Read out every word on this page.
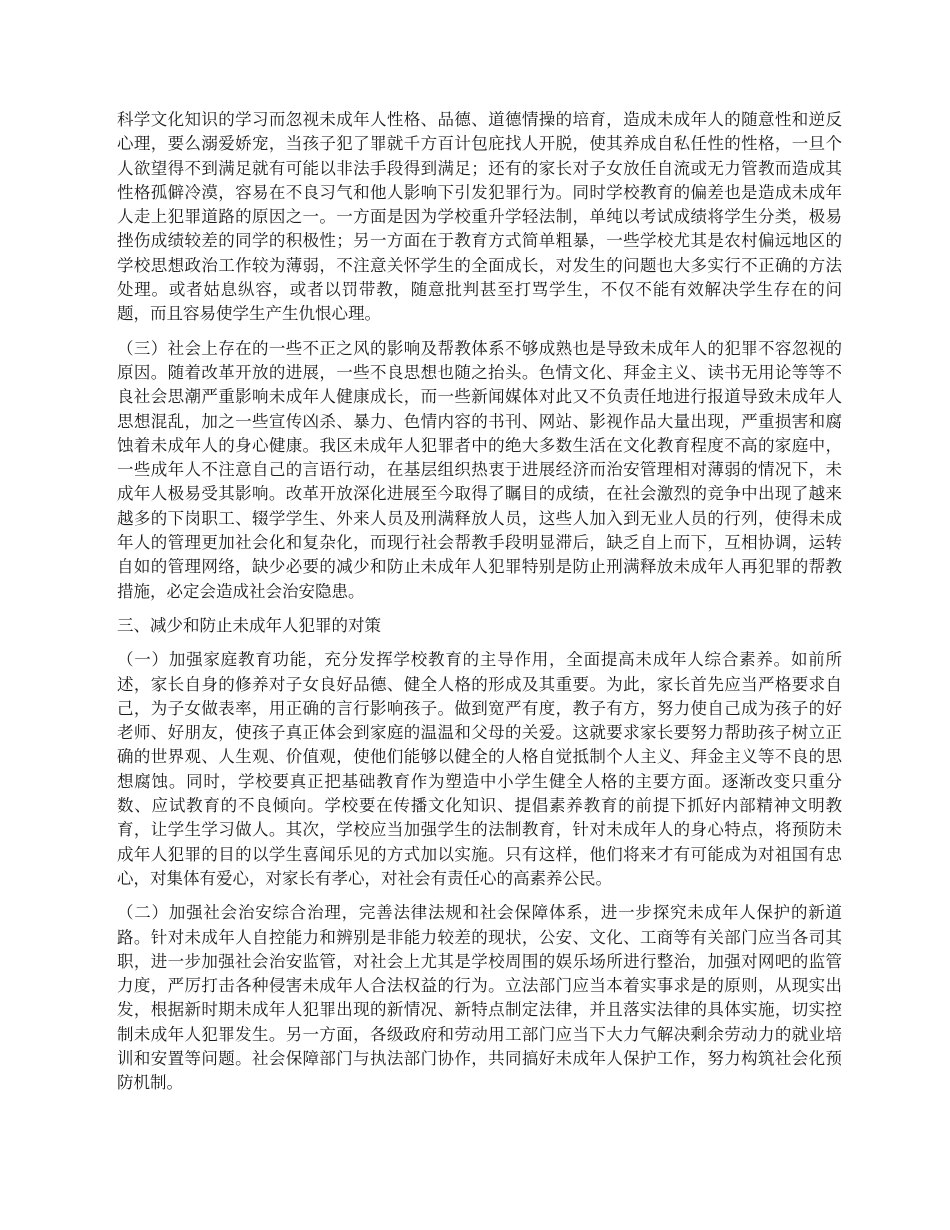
科学文化知识的学习而忽视未成年人性格、品德、道德情操的培育，造成未成年人的随意性和逆反心理，要么溺爱娇宠，当孩子犯了罪就千方百计包庇找人开脱，使其养成自私任性的性格，一旦个人欲望得不到满足就有可能以非法手段得到满足；还有的家长对子女放任自流或无力管教而造成其性格孤僻冷漠，容易在不良习气和他人影响下引发犯罪行为。同时学校教育的偏差也是造成未成年人走上犯罪道路的原因之一。一方面是因为学校重升学轻法制，单纯以考试成绩将学生分类，极易挫伤成绩较差的同学的积极性；另一方面在于教育方式简单粗暴，一些学校尤其是农村偏远地区的学校思想政治工作较为薄弱，不注意关怀学生的全面成长，对发生的问题也大多实行不正确的方法处理。或者姑息纵容，或者以罚带教，随意批判甚至打骂学生，不仅不能有效解决学生存在的问题，而且容易使学生产生仇恨心理。

（三）社会上存在的一些不正之风的影响及帮教体系不够成熟也是导致未成年人的犯罪不容忽视的原因。随着改革开放的进展，一些不良思想也随之抬头。色情文化、拜金主义、读书无用论等等不良社会思潮严重影响未成年人健康成长，而一些新闻媒体对此又不负责任地进行报道导致未成年人思想混乱，加之一些宣传凶杀、暴力、色情内容的书刊、网站、影视作品大量出现，严重损害和腐蚀着未成年人的身心健康。我区未成年人犯罪者中的绝大多数生活在文化教育程度不高的家庭中，一些成年人不注意自己的言语行动，在基层组织热衷于进展经济而治安管理相对薄弱的情况下，未成年人极易受其影响。改革开放深化进展至今取得了瞩目的成绩，在社会激烈的竞争中出现了越来越多的下岗职工、辍学学生、外来人员及刑满释放人员，这些人加入到无业人员的行列，使得未成年人的管理更加社会化和复杂化，而现行社会帮教手段明显滞后，缺乏自上而下，互相协调，运转自如的管理网络，缺少必要的减少和防止未成年人犯罪特别是防止刑满释放未成年人再犯罪的帮教措施，必定会造成社会治安隐患。

三、减少和防止未成年人犯罪的对策

（一）加强家庭教育功能，充分发挥学校教育的主导作用，全面提高未成年人综合素养。如前所述，家长自身的修养对子女良好品德、健全人格的形成及其重要。为此，家长首先应当严格要求自己，为子女做表率，用正确的言行影响孩子。做到宽严有度，教子有方，努力使自己成为孩子的好老师、好朋友，使孩子真正体会到家庭的温温和父母的关爱。这就要求家长要努力帮助孩子树立正确的世界观、人生观、价值观，使他们能够以健全的人格自觉抵制个人主义、拜金主义等不良的思想腐蚀。同时，学校要真正把基础教育作为塑造中小学生健全人格的主要方面。逐渐改变只重分数、应试教育的不良倾向。学校要在传播文化知识、提倡素养教育的前提下抓好内部精神文明教育，让学生学习做人。其次，学校应当加强学生的法制教育，针对未成年人的身心特点，将预防未成年人犯罪的目的以学生喜闻乐见的方式加以实施。只有这样，他们将来才有可能成为对祖国有忠心，对集体有爱心，对家长有孝心，对社会有责任心的高素养公民。

（二）加强社会治安综合治理，完善法律法规和社会保障体系，进一步探究未成年人保护的新道路。针对未成年人自控能力和辨别是非能力较差的现状，公安、文化、工商等有关部门应当各司其职，进一步加强社会治安监管，对社会上尤其是学校周围的娱乐场所进行整治，加强对网吧的监管力度，严厉打击各种侵害未成年人合法权益的行为。立法部门应当本着实事求是的原则，从现实出发，根据新时期未成年人犯罪出现的新情况、新特点制定法律，并且落实法律的具体实施，切实控制未成年人犯罪发生。另一方面，各级政府和劳动用工部门应当下大力气解决剩余劳动力的就业培训和安置等问题。社会保障部门与执法部门协作，共同搞好未成年人保护工作，努力构筑社会化预防机制。
